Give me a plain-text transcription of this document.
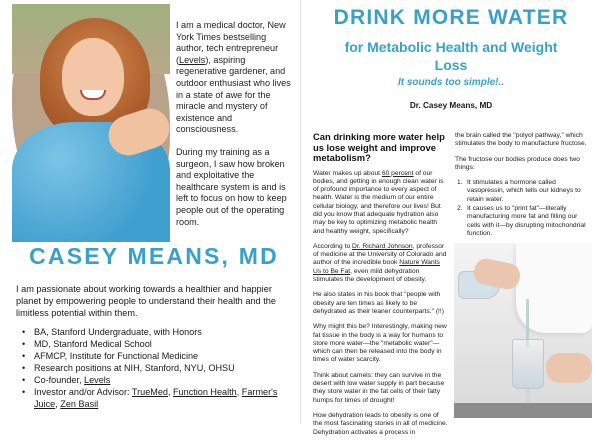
I am a medical doctor, New York Times bestselling author, tech entrepreneur (Levels), aspiring regenerative gardener, and outdoor enthusiast who lives in a state of awe for the miracle and mystery of existence and consciousness.

During my training as a surgeon, I saw how broken and exploitative the healthcare system is and is left to focus on how to keep people out of the operating room.

CASEY MEANS, MD
I am passionate about working towards a healthier and happier planet by empowering people to understand their health and the limitless potential within them.
• BA, Stanford Undergraduate, with Honors
• MD, Stanford Medical School
• AFMCP, Institute for Functional Medicine
• Research positions at NIH, Stanford, NYU, OHSU
• Co-founder, Levels
• Investor and/or Advisor: TrueMed, Function Health, Farmer's Juice, Zen Basil
DRINK MORE WATER
for Metabolic Health and Weight Loss
It sounds too simple!..
Dr. Casey Means, MD
Can drinking more water help us lose weight and improve metabolism?

Water makes up about 60 percent of our bodies, and getting in enough clean water is of profound importance to every aspect of health. Water is the medium of our entire cellular biology, and therefore our lives! But did you know that adequate hydration also may be key to optimizing metabolic health and healthy weight, specifically?

According to Dr. Richard Johnson, professor of medicine at the University of Colorado and author of the incredible book Nature Wants Us to Be Fat, even mild dehydration stimulates the development of obesity.

He also states in his book that "people with obesity are ten times as likely to be dehydrated as their leaner counterparts." (!!)

Why might this be? Interestingly, making new fat tissue in the body is a way for humans to store more water—the "metabolic water"—which can then be released into the body in times of water scarcity.

Think about camels: they can survive in the desert with low water supply in part because they store water in the fat cells of their fatty humps for times of drought!

How dehydration leads to obesity is one of the most fascinating stories in all of medicine. Dehydration activates a process in

the brain called the "polyol pathway," which stimulates the body to manufacture fructose.

The fructose our bodies produce does two things:

1. It stimulates a hormone called vasopressin, which tells our kidneys to retain water.
2. It causes us to "print fat"—literally manufacturing more fat and filling our cells with it—by disrupting mitochondrial function.
